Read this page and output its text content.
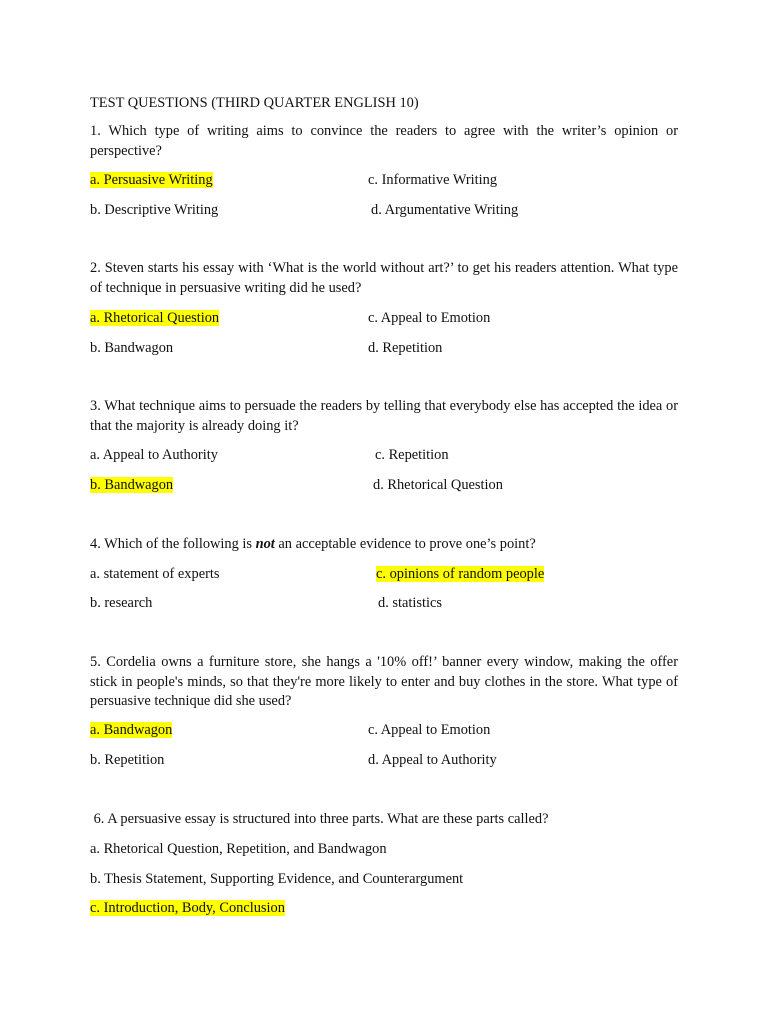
TEST QUESTIONS (THIRD QUARTER ENGLISH 10)
1. Which type of writing aims to convince the readers to agree with the writer’s opinion or perspective?
a. Persuasive Writing	c. Informative Writing
b. Descriptive Writing	d. Argumentative Writing
2. Steven starts his essay with ‘What is the world without art?’ to get his readers attention. What type of technique in persuasive writing did he used?
a. Rhetorical Question	c. Appeal to Emotion
b. Bandwagon	d. Repetition
3. What technique aims to persuade the readers by telling that everybody else has accepted the idea or that the majority is already doing it?
a. Appeal to Authority	c. Repetition
b. Bandwagon	d. Rhetorical Question
4. Which of the following is not an acceptable evidence to prove one’s point?
a. statement of experts	c. opinions of random people
b. research	d. statistics
5. Cordelia owns a furniture store, she hangs a '10% off!’ banner every window, making the offer stick in people's minds, so that they're more likely to enter and buy clothes in the store. What type of persuasive technique did she used?
a. Bandwagon	c. Appeal to Emotion
b. Repetition	d. Appeal to Authority
6. A persuasive essay is structured into three parts. What are these parts called?
a. Rhetorical Question, Repetition, and Bandwagon
b. Thesis Statement, Supporting Evidence, and Counterargument
c. Introduction, Body, Conclusion
